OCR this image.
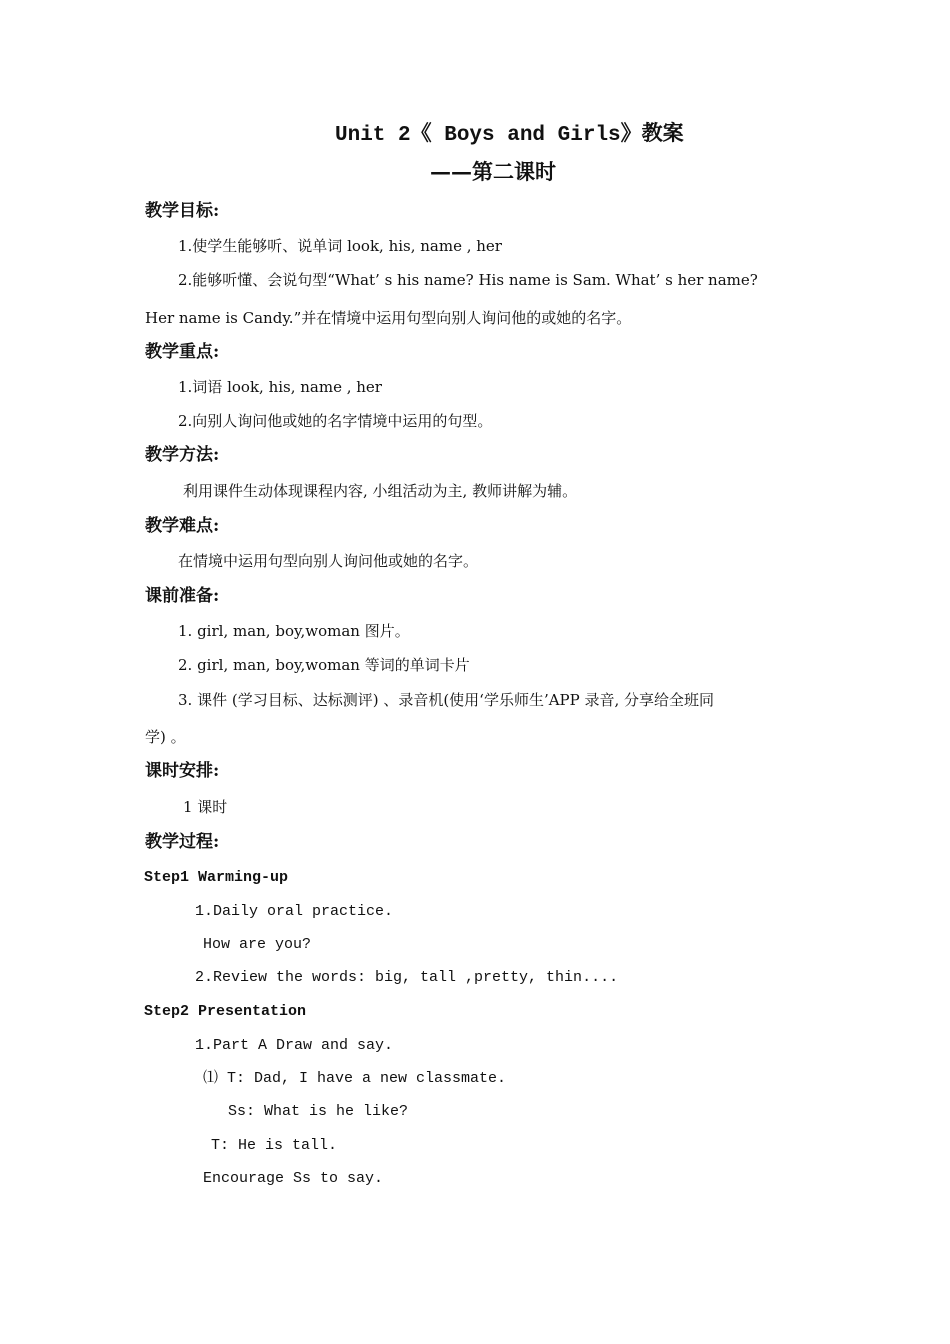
Unit 2《 Boys and Girls》教案
——第二课时
教学目标:
1.使学生能够听、说单词 look, his, name , her
2.能够听懂、会说句型“What’ s his name? His name is Sam. What’ s her name?
Her name is Candy.”并在情境中运用句型向别人询问他的或她的名字。
教学重点:
1.词语 look, his, name , her
2.向别人询问他或她的名字情境中运用的句型。
教学方法:
利用课件生动体现课程内容, 小组活动为主, 教师讲解为辅。
教学难点:
在情境中运用句型向别人询问他或她的名字。
课前准备:
1. girl, man, boy,woman 图片。
2. girl, man, boy,woman 等词的单词卡片
3. 课件 (学习目标、达标测评) 、录音机(使用‘学乐师生’APP 录音, 分享给全班同
学) 。
课时安排:
1 课时
教学过程:
Step1 Warming-up
1.Daily oral practice.
How are you?
2.Review the words: big, tall ,pretty, thin....
Step2 Presentation
1.Part A Draw and say.
⑴ T: Dad, I have a new classmate.
Ss: What is he like?
T: He is tall.
Encourage Ss to say.
